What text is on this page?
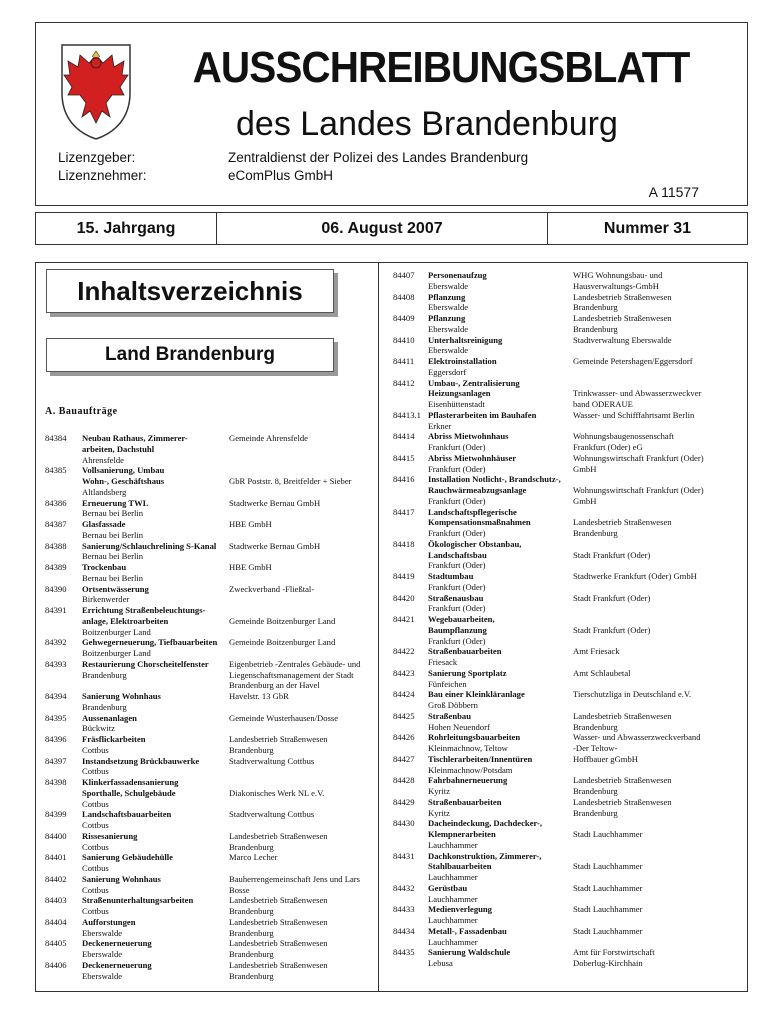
AUSSCHREIBUNGSBLATT
des Landes Brandenburg
Lizenzgeber:	Zentraldienst der Polizei des Landes Brandenburg
Lizenznehmer:	eComPlus GmbH
A 11577
15. Jahrgang	06. August 2007	Nummer 31
Inhaltsverzeichnis
Land Brandenburg
A. Bauaufträge
84384	Neubau Rathaus, Zimmerer-
arbeiten, Dachstuhl
Ahrensfelde
Gemeinde Ahrensfelde
84385	Vollsanierung, Umbau
Wohn-, Geschäftshaus
Altlandsberg

GbR Poststr. 8, Breitfelder + Sieber
84386	Erneuerung TWL
Bernau bei Berlin
Stadtwerke Bernau GmbH
84387	Glasfassade
Bernau bei Berlin
HBE GmbH
84388	Sanierung/Schlauchrelining S-Kanal
Bernau bei Berlin
Stadtwerke Bernau GmbH
84389	Trockenbau
Bernau bei Berlin
HBE GmbH
84390	Ortsentwässerung
Birkenwerder
Zweckverband -Fließtal-
84391	Errichtung Straßenbeleuchtungs-
anlage, Elektroarbeiten
Boitzenburger Land

Gemeinde Boitzenburger Land
84392	Gehwegerneuerung, Tiefbauarbeiten
Boitzenburger Land
Gemeinde Boitzenburger Land
84393	Restaurierung Chorscheitelfenster
Brandenburg
Eigenbetrieb -Zentrales Gebäude- und
Liegenschaftsmanagement der Stadt
Brandenburg an der Havel
84394	Sanierung Wohnhaus
Brandenburg
Havelstr. 13 GbR
84395	Aussenanlagen
Bückwitz
Gemeinde Wusterhausen/Dosse
84396	Fräsflickarbeiten
Cottbus
Landesbetrieb Straßenwesen
Brandenburg
84397	Instandsetzung Brückbauwerke
Cottbus
Stadtverwaltung Cottbus
84398	Klinkerfassadensanierung
Sporthalle, Schulgebäude
Cottbus

Diakonisches Werk NL e.V.
84399	Landschaftsbauarbeiten
Cottbus
Stadtverwaltung Cottbus
84400	Rissesanierung
Cottbus
Landesbetrieb Straßenwesen
Brandenburg
84401	Sanierung Gebäudehülle
Cottbus
Marco Lecher
84402	Sanierung Wohnhaus
Cottbus
Bauherrengemeinschaft Jens und Lars
Bosse
84403	Straßenunterhaltungsarbeiten
Cottbus
Landesbetrieb Straßenwesen
Brandenburg
84404	Aufforstungen
Eberswalde
Landesbetrieb Straßenwesen
Brandenburg
84405	Deckenerneuerung
Eberswalde
Landesbetrieb Straßenwesen
Brandenburg
84406	Deckenerneuerung
Eberswalde
Landesbetrieb Straßenwesen
Brandenburg
84407	Personenaufzug
Eberswalde
WHG Wohnungsbau- und
Hausverwaltungs-GmbH
84408	Pflanzung
Eberswalde
Landesbetrieb Straßenwesen
Brandenburg
84409	Pflanzung
Eberswalde
Landesbetrieb Straßenwesen
Brandenburg
84410	Unterhaltsreinigung
Eberswalde
Stadtverwaltung Eberswalde
84411	Elektroinstallation
Eggersdorf
Gemeinde Petershagen/Eggersdorf
84412	Umbau-, Zentralisierung
Heizungsanlagen
Eisenhüttenstadt

Trinkwasser- und Abwasserzweckver
band ODERAUE
84413.1 Pflasterarbeiten im Bauhafen
Erkner
Wasser- und Schifffahrtsamt Berlin
84414	Abriss Mietwohnhaus
Frankfurt (Oder)
Wohnungsbaugenossenschaft
Frankfurt (Oder) eG
84415	Abriss Mietwohnhäuser
Frankfurt (Oder)
Wohnungswirtschaft Frankfurt (Oder)
GmbH
84416	Installation Notlicht-, Brandschutz-,
Rauchwärmeabzugsanlage
Frankfurt (Oder)

Wohnungswirtschaft Frankfurt (Oder)
GmbH
84417	Landschaftspflegerische
Kompensationsmaßnahmen
Frankfurt (Oder)

Landesbetrieb Straßenwesen
Brandenburg
84418	Ökologischer Obstanbau,
Landschaftsbau
Frankfurt (Oder)

Stadt Frankfurt (Oder)
84419	Stadtumbau
Frankfurt (Oder)
Stadtwerke Frankfurt (Oder) GmbH
84420	Straßenausbau
Frankfurt (Oder)
Stadt Frankfurt (Oder)
84421	Wegebauarbeiten,
Baumpflanzung
Frankfurt (Oder)

Stadt Frankfurt (Oder)
84422	Straßenbauarbeiten
Friesack
Amt Friesack
84423	Sanierung Sportplatz
Fünfeichen
Amt Schlaubetal
84424	Bau einer Kleinkläranlage
Groß Döbbern
Tierschutzliga in Deutschland e.V.
84425	Straßenbau
Hohen Neuendorf
Landesbetrieb Straßenwesen
Brandenburg
84426	Rohrleitungsbauarbeiten
Kleinmachnow, Teltow
Wasser- und Abwasserzweckverband
-Der Teltow-
84427	Tischlerarbeiten/Innentüren
Kleinmachnow/Potsdam
Hoffbauer gGmbH
84428	Fahrbahnerneuerung
Kyritz
Landesbetrieb Straßenwesen
Brandenburg
84429	Straßenbauarbeiten
Kyritz
Landesbetrieb Straßenwesen
Brandenburg
84430	Dacheindeckung, Dachdecker-,
Klempnerarbeiten
Lauchhammer

Stadt Lauchhammer
84431	Dachkonstruktion, Zimmerer-,
Stahlbauarbeiten
Lauchhammer

Stadt Lauchhammer
84432	Gerüstbau
Lauchhammer
Stadt Lauchhammer
84433	Medienverlegung
Lauchhammer
Stadt Lauchhammer
84434	Metall-, Fassadenbau
Lauchhammer
Stadt Lauchhammer
84435	Sanierung Waldschule
Lebusa
Amt für Forstwirtschaft
Doberlug-Kirchhain
